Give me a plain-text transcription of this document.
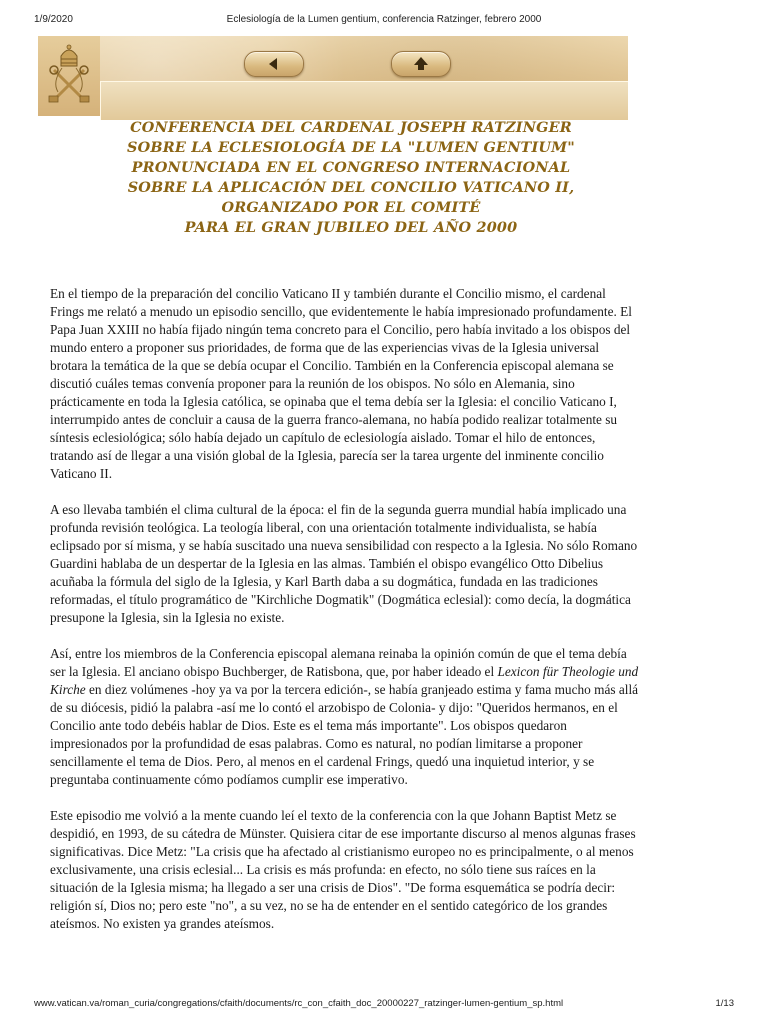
1/9/2020	Eclesiología de la Lumen gentium, conferencia Ratzinger, febrero 2000
CONFERENCIA DEL CARDENAL JOSEPH RATZINGER
SOBRE LA ECLESIOLOGÍA DE LA "LUMEN GENTIUM"
PRONUNCIADA EN EL CONGRESO INTERNACIONAL
SOBRE LA APLICACIÓN DEL CONCILIO VATICANO II,
ORGANIZADO POR EL COMITÉ
PARA EL GRAN JUBILEO DEL AÑO 2000

En el tiempo de la preparación del concilio Vaticano II y también durante el Concilio mismo, el cardenal Frings me relató a menudo un episodio sencillo, que evidentemente le había impresionado profundamente. El Papa Juan XXIII no había fijado ningún tema concreto para el Concilio, pero había invitado a los obispos del mundo entero a proponer sus prioridades, de forma que de las experiencias vivas de la Iglesia universal brotara la temática de la que se debía ocupar el Concilio. También en la Conferencia episcopal alemana se discutió cuáles temas convenía proponer para la reunión de los obispos. No sólo en Alemania, sino prácticamente en toda la Iglesia católica, se opinaba que el tema debía ser la Iglesia: el concilio Vaticano I, interrumpido antes de concluir a causa de la guerra franco-alemana, no había podido realizar totalmente su síntesis eclesiológica; sólo había dejado un capítulo de eclesiología aislado. Tomar el hilo de entonces, tratando así de llegar a una visión global de la Iglesia, parecía ser la tarea urgente del inminente concilio Vaticano II.

A eso llevaba también el clima cultural de la época: el fin de la segunda guerra mundial había implicado una profunda revisión teológica. La teología liberal, con una orientación totalmente individualista, se había eclipsado por sí misma, y se había suscitado una nueva sensibilidad con respecto a la Iglesia. No sólo Romano Guardini hablaba de un despertar de la Iglesia en las almas. También el obispo evangélico Otto Dibelius acuñaba la fórmula del siglo de la Iglesia, y Karl Barth daba a su dogmática, fundada en las tradiciones reformadas, el título programático de "Kirchliche Dogmatik" (Dogmática eclesial): como decía, la dogmática presupone la Iglesia, sin la Iglesia no existe.

Así, entre los miembros de la Conferencia episcopal alemana reinaba la opinión común de que el tema debía ser la Iglesia. El anciano obispo Buchberger, de Ratisbona, que, por haber ideado el Lexicon für Theologie und Kirche en diez volúmenes -hoy ya va por la tercera edición-, se había granjeado estima y fama mucho más allá de su diócesis, pidió la palabra -así me lo contó el arzobispo de Colonia- y dijo: "Queridos hermanos, en el Concilio ante todo debéis hablar de Dios. Este es el tema más importante". Los obispos quedaron impresionados por la profundidad de esas palabras. Como es natural, no podían limitarse a proponer sencillamente el tema de Dios. Pero, al menos en el cardenal Frings, quedó una inquietud interior, y se preguntaba continuamente cómo podíamos cumplir ese imperativo.

Este episodio me volvió a la mente cuando leí el texto de la conferencia con la que Johann Baptist Metz se despidió, en 1993, de su cátedra de Münster. Quisiera citar de ese importante discurso al menos algunas frases significativas. Dice Metz: "La crisis que ha afectado al cristianismo europeo no es principalmente, o al menos exclusivamente, una crisis eclesial... La crisis es más profunda: en efecto, no sólo tiene sus raíces en la situación de la Iglesia misma; ha llegado a ser una crisis de Dios". "De forma esquemática se podría decir: religión sí, Dios no; pero este "no", a su vez, no se ha de entender en el sentido categórico de los grandes ateísmos. No existen ya grandes ateísmos.

www.vatican.va/roman_curia/congregations/cfaith/documents/rc_con_cfaith_doc_20000227_ratzinger-lumen-gentium_sp.html	1/13
